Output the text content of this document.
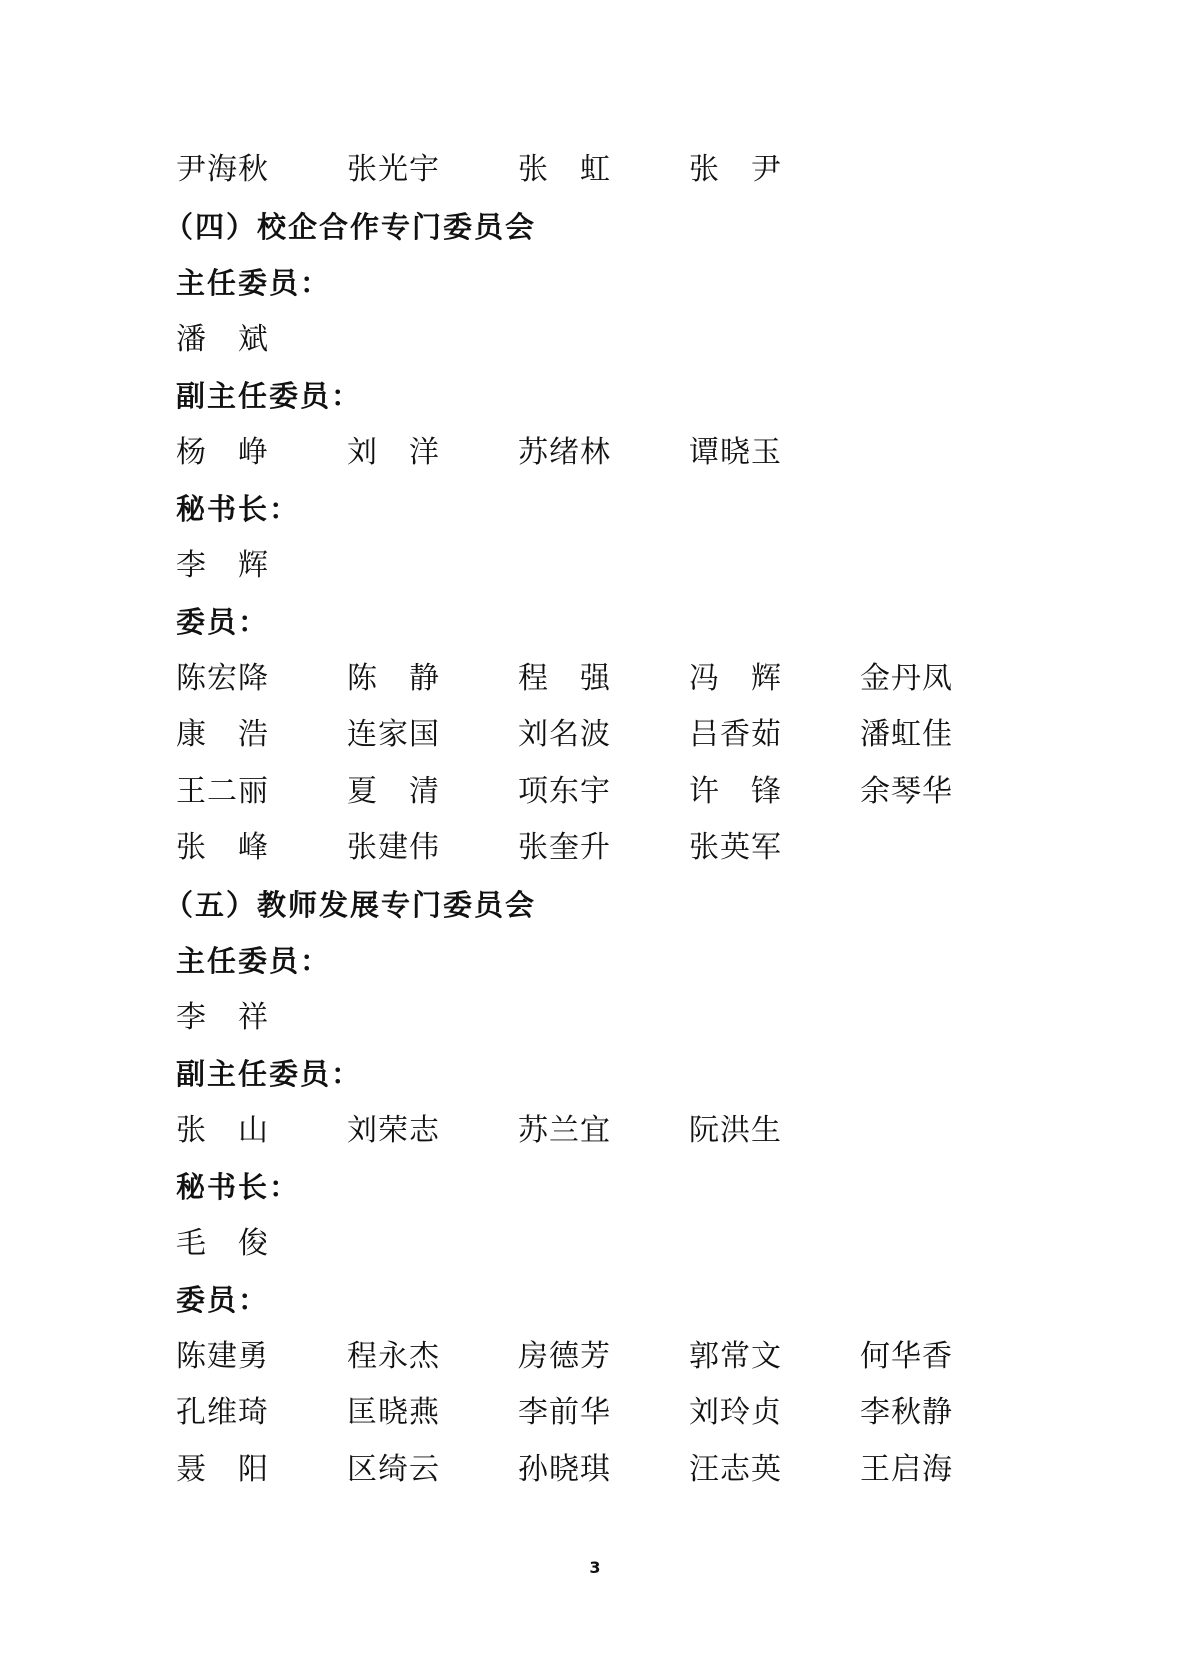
尹海秋	张光宇	张　虹	张　尹
（四）校企合作专门委员会
主任委员：
潘　斌
副主任委员：
杨　峥	刘　洋	苏绪林	谭晓玉
秘书长：
李　辉
委员：
陈宏降	陈　静	程　强	冯　辉	金丹凤
康　浩	连家国	刘名波	吕香茹	潘虹佳
王二丽	夏　清	项东宇	许　锋	余琴华
张　峰	张建伟	张奎升	张英军
（五）教师发展专门委员会
主任委员：
李　祥
副主任委员：
张　山	刘荣志	苏兰宜	阮洪生
秘书长：
毛　俊
委员：
陈建勇	程永杰	房德芳	郭常文	何华香
孔维琦	匡晓燕	李前华	刘玲贞	李秋静
聂　阳	区绮云	孙晓琪	汪志英	王启海
3
